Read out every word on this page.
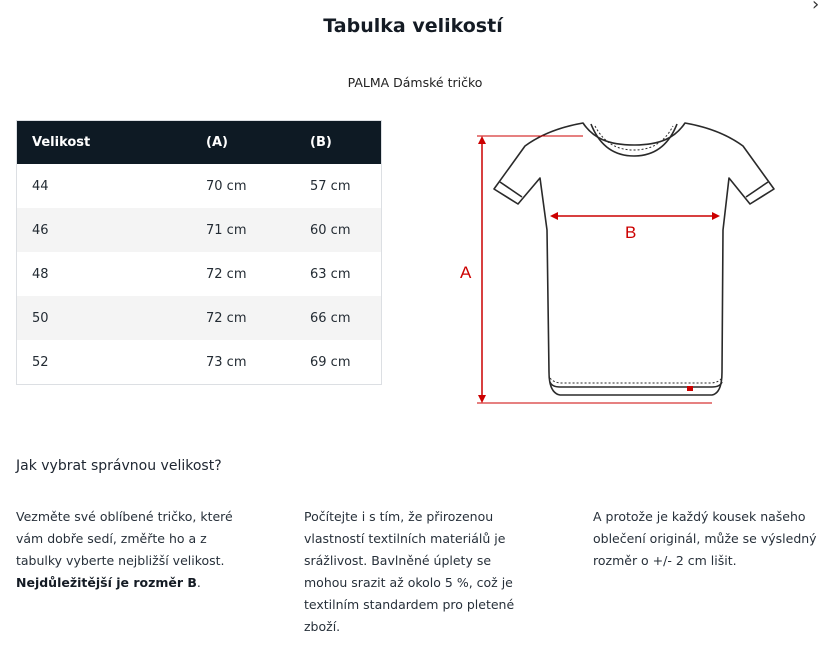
Tabulka velikostí
›
PALMA Dámské tričko
Velikost	(A)	(B)
44	70 cm	57 cm
46	71 cm	60 cm
48	72 cm	63 cm
50	72 cm	66 cm
52	73 cm	69 cm
A
B
Jak vybrat správnou velikost?
Vezměte své oblíbené tričko, které vám dobře sedí, změřte ho a z tabulky vyberte nejbližší velikost. Nejdůležitější je rozměr B.
Počítejte i s tím, že přirozenou vlastností textilních materiálů je srážlivost. Bavlněné úplety se mohou srazit až okolo 5 %, což je textilním standardem pro pletené zboží.
A protože je každý kousek našeho oblečení originál, může se výsledný rozměr o +/- 2 cm lišit.
